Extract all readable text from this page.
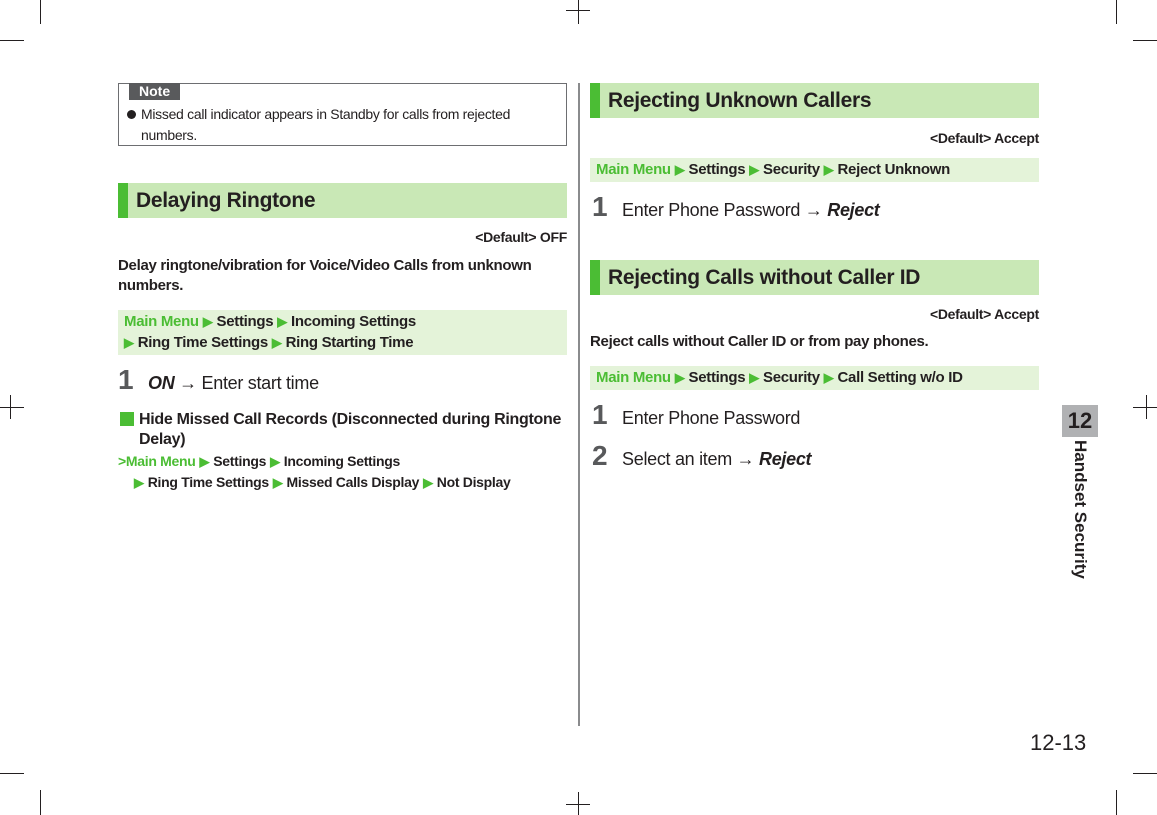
Note
Missed call indicator appears in Standby for calls from rejected numbers.
Delaying Ringtone
<Default> OFF
Delay ringtone/vibration for Voice/Video Calls from unknown numbers.
Main Menu ▶ Settings ▶ Incoming Settings
▶ Ring Time Settings ▶ Ring Starting Time
1 ON → Enter start time
Hide Missed Call Records (Disconnected during Ringtone Delay)
>Main Menu ▶ Settings ▶ Incoming Settings
▶ Ring Time Settings ▶ Missed Calls Display ▶ Not Display
Rejecting Unknown Callers
<Default> Accept
Main Menu ▶ Settings ▶ Security ▶ Reject Unknown
1 Enter Phone Password → Reject
Rejecting Calls without Caller ID
<Default> Accept
Reject calls without Caller ID or from pay phones.
Main Menu ▶ Settings ▶ Security ▶ Call Setting w/o ID
1 Enter Phone Password
2 Select an item → Reject
12
Handset Security
12-13
